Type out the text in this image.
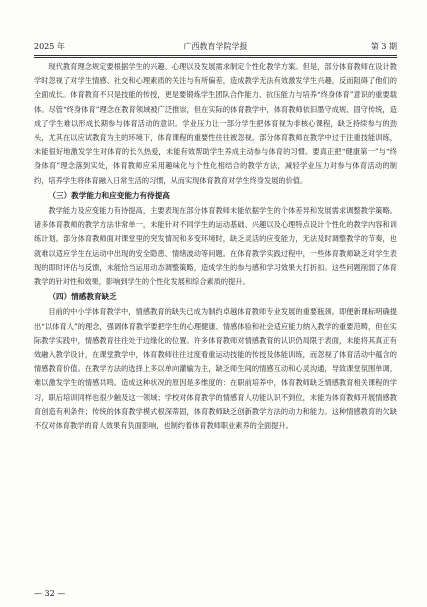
2025 年	广西教育学院学报	第 3 期

现代教育理念规定要根据学生的兴趣、心理以及发展需求制定个性化教学方案。但是，部分体育教师在设计教学时忽视了对学生情感、社交和心理素质的关注与有所偏差，造成教学无法有效激发学生兴趣，反而阻碍了他们的全面成长。体育教育不只是技能的传授，更是要锻炼学生团队合作能力、抗压能力与培养“终身体育”意识的重要载体。尽管“终身体育”理念在教育领域被广泛推崇，但在实际的体育教学中，体育教师依旧墨守成规、固守传统，造成了学生难以形成长期参与体育活动的意识。学业压力让一部分学生把体育视为非核心课程，缺乏持续参与的劲头，尤其在以应试教育为主的环境下，体育课程的重要性往往被忽视。部分体育教师在教学中过于注重技能训练，未能很好地激发学生对体育的长久热爱，未能有效帮助学生养成主动参与体育的习惯。要真正把“健康第一”与“终身体育”理念落到实处，体育教师应采用趣味化与个性化相结合的教学方法，减轻学业压力对参与体育活动的制约，培养学生将体育融入日常生活的习惯，从而实现体育教育对学生终身发展的价值。

（三）教学能力和应变能力有待提高

教学能力及应变能力有待提高，主要表现在部分体育教师未能依据学生的个体差异和发展需求调整教学策略。诸多体育教师的教学方法非常单一，未能针对不同学生的运动基础、兴趣以及心理特点设计个性化的教学内容和训练计划。部分体育教师面对课堂里的突发情况和多变环境时，缺乏灵活的应变能力，无法及时调整教学的节奏，也就难以适应学生在运动中出现的安全隐患、情绪波动等问题。在体育教学实践过程中，一些体育教师缺乏对学生表现的即时评估与反馈，未能恰当运用动态调整策略，造成学生的参与感和学习效果大打折扣。这些问题削弱了体育教学的针对性和效果，影响到学生的个性化发展和综合素质的提升。

（四）情感教育缺乏

目前的中小学体育教学中，情感教育的缺失已成为制约卓越体育教师专业发展的重要瓶颈。即便新课标明确提出“以体育人”的理念，强调体育教学要把学生的心理健康、情感体验和社会适应能力纳入教学的重要范畴，但在实际教学实践中，情感教育往往处于边缘化的位置。许多体育教师对情感教育的认识仍局限于表面，未能将其真正有效融入教学设计，在课堂教学中，体育教师往往过度看重运动技能的传授及体能训练，而忽视了体育活动中蕴含的情感教育价值。在教学方法的选择上多以单向灌输为主，缺乏师生间的情感互动和心灵沟通，导致课堂氛围单调，难以激发学生的情感共鸣。造成这种状况的原因是多维度的：在职前培养中，体育教师缺乏情感教育相关课程的学习，职后培训同样也很少触及这一领域；学校对体育教学的情感育人功能认识不到位，未能为体育教师开展情感教育创造有利条件；传统的体育教学模式根深蒂固，体育教师缺乏创新教学方法的动力和能力。这种情感教育的欠缺不仅对体育教学的育人效果有负面影响，也制约着体育教师职业素养的全面提升。

— 32 —
